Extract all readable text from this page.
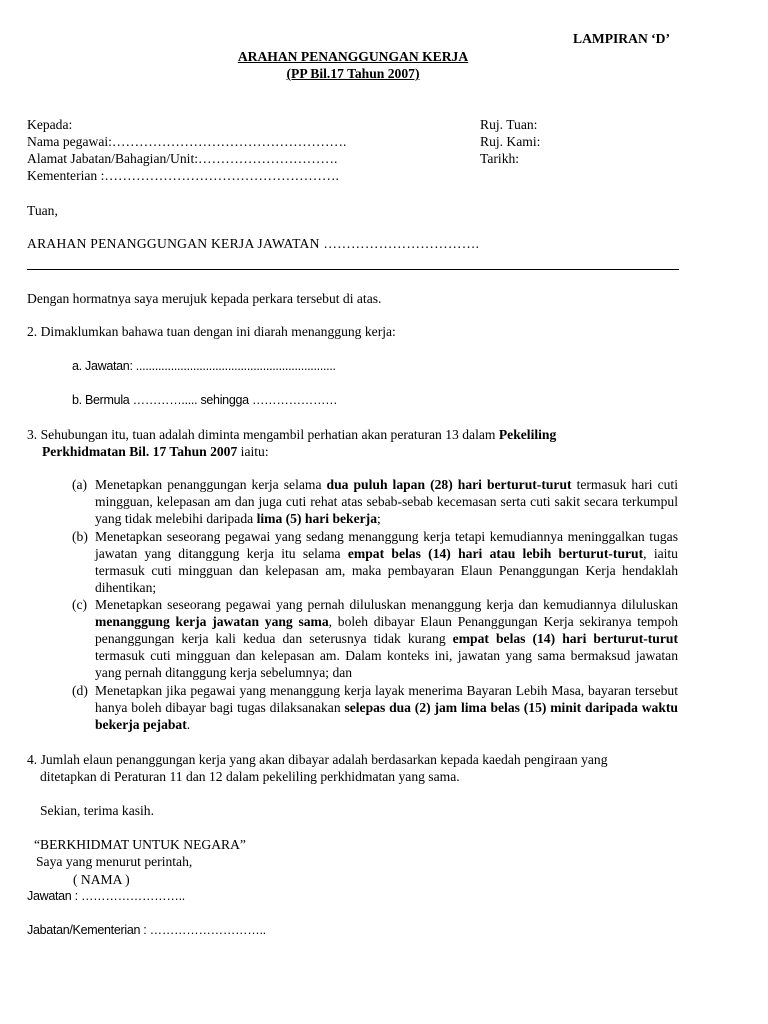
LAMPIRAN ‘D’
ARAHAN PENANGGUNGAN KERJA
(PP Bil.17 Tahun 2007)
Kepada:
Nama pegawai:…………………………………………….
Alamat Jabatan/Bahagian/Unit:………………………….
Kementerian :…………………………………………….
Ruj. Tuan:
Ruj. Kami:
Tarikh:
Tuan,
ARAHAN PENANGGUNGAN KERJA JAWATAN …………………………….
Dengan hormatnya saya merujuk kepada perkara tersebut di atas.
2. Dimaklumkan bahawa tuan dengan ini diarah menanggung kerja:
a. Jawatan: ...............................................................
b. Bermula …………..... sehingga …………………
3. Sehubungan itu, tuan adalah diminta mengambil perhatian akan peraturan 13 dalam Pekeliling
Perkhidmatan Bil. 17 Tahun 2007 iaitu:
(a) Menetapkan penanggungan kerja selama dua puluh lapan (28) hari berturut-turut termasuk hari cuti mingguan, kelepasan am dan juga cuti rehat atas sebab-sebab kecemasan serta cuti sakit secara terkumpul yang tidak melebihi daripada lima (5) hari bekerja;
(b) Menetapkan seseorang pegawai yang sedang menanggung kerja tetapi kemudiannya meninggalkan tugas jawatan yang ditanggung kerja itu selama empat belas (14) hari atau lebih berturut-turut, iaitu termasuk cuti mingguan dan kelepasan am, maka pembayaran Elaun Penanggungan Kerja hendaklah dihentikan;
(c) Menetapkan seseorang pegawai yang pernah diluluskan menanggung kerja dan kemudiannya diluluskan menanggung kerja jawatan yang sama, boleh dibayar Elaun Penanggungan Kerja sekiranya tempoh penanggungan kerja kali kedua dan seterusnya tidak kurang empat belas (14) hari berturut-turut termasuk cuti mingguan dan kelepasan am. Dalam konteks ini, jawatan yang sama bermaksud jawatan yang pernah ditanggung kerja sebelumnya; dan
(d) Menetapkan jika pegawai yang menanggung kerja layak menerima Bayaran Lebih Masa, bayaran tersebut hanya boleh dibayar bagi tugas dilaksanakan selepas dua (2) jam lima belas (15) minit daripada waktu bekerja pejabat.
4. Jumlah elaun penanggungan kerja yang akan dibayar adalah berdasarkan kepada kaedah pengiraan yang
ditetapkan di Peraturan 11 dan 12 dalam pekeliling perkhidmatan yang sama.
Sekian, terima kasih.
“BERKHIDMAT UNTUK NEGARA”
Saya yang menurut perintah,
( NAMA )
Jawatan : ……………………..
Jabatan/Kementerian : ………………………..
